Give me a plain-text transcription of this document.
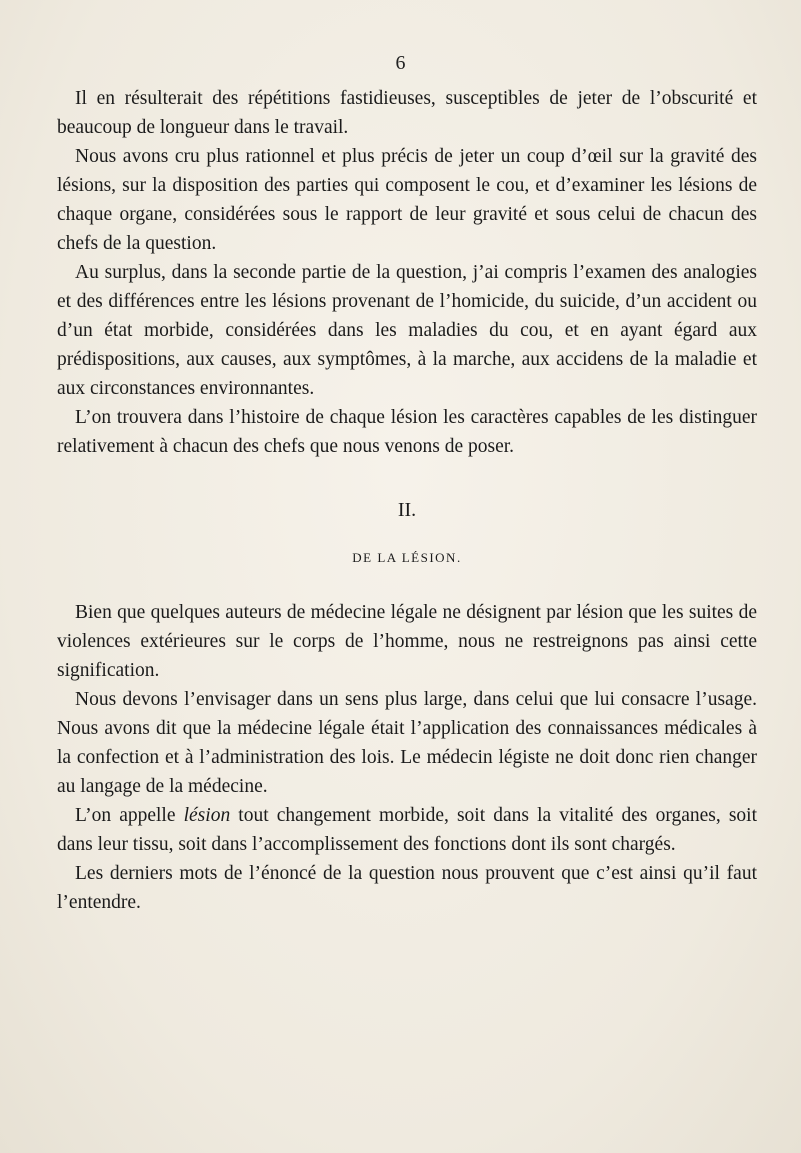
6

Il en résulterait des répétitions fastidieuses, susceptibles de jeter de l’obscurité et beaucoup de longueur dans le travail.

Nous avons cru plus rationnel et plus précis de jeter un coup d’œil sur la gravité des lésions, sur la disposition des parties qui composent le cou, et d’examiner les lésions de chaque organe, considérées sous le rapport de leur gravité et sous celui de chacun des chefs de la question.

Au surplus, dans la seconde partie de la question, j’ai compris l’examen des analogies et des différences entre les lésions provenant de l’homicide, du suicide, d’un accident ou d’un état morbide, considérées dans les maladies du cou, et en ayant égard aux prédispositions, aux causes, aux symptômes, à la marche, aux accidens de la maladie et aux circonstances environnantes.

L’on trouvera dans l’histoire de chaque lésion les caractères capables de les distinguer relativement à chacun des chefs que nous venons de poser.

II.

DE LA LÉSION.

Bien que quelques auteurs de médecine légale ne désignent par lésion que les suites de violences extérieures sur le corps de l’homme, nous ne restreignons pas ainsi cette signification.

Nous devons l’envisager dans un sens plus large, dans celui que lui consacre l’usage. Nous avons dit que la médecine légale était l’application des connaissances médicales à la confection et à l’administration des lois. Le médecin légiste ne doit donc rien changer au langage de la médecine.

L’on appelle lésion tout changement morbide, soit dans la vitalité des organes, soit dans leur tissu, soit dans l’accomplissement des fonctions dont ils sont chargés.

Les derniers mots de l’énoncé de la question nous prouvent que c’est ainsi qu’il faut l’entendre.
